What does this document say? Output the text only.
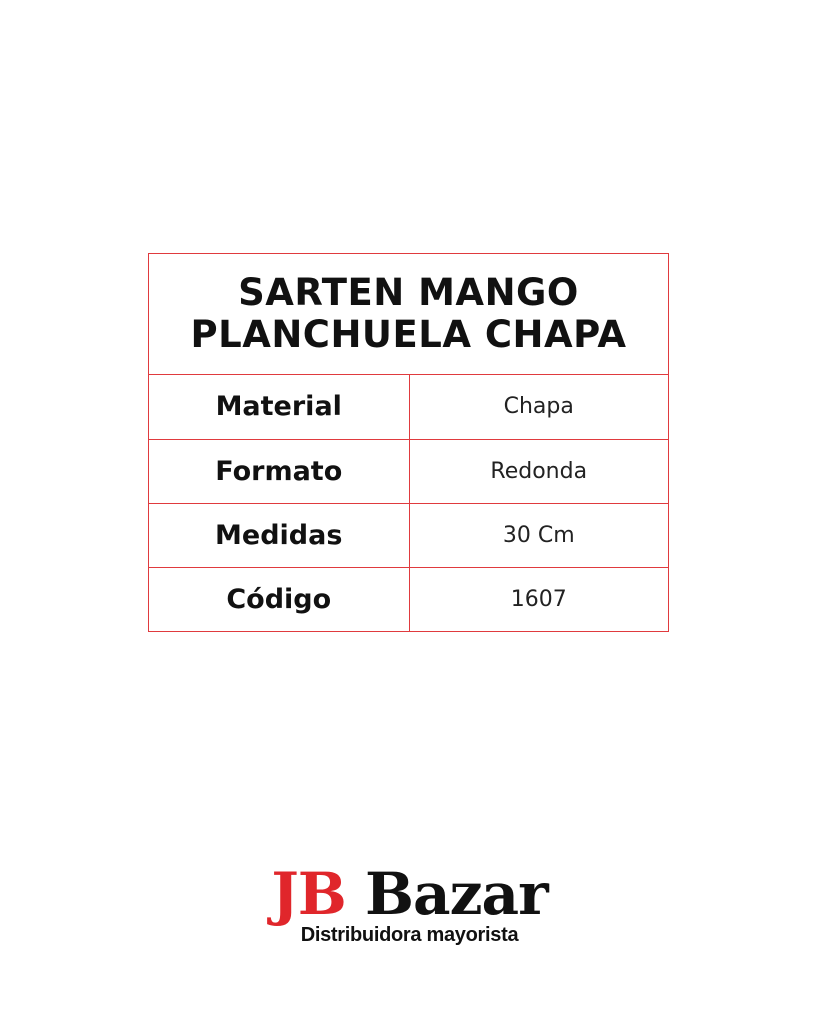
SARTEN MANGO
PLANCHUELA CHAPA
Material	Chapa
Formato	Redonda
Medidas	30 Cm
Código	1607
JB Bazar
Distribuidora mayorista
